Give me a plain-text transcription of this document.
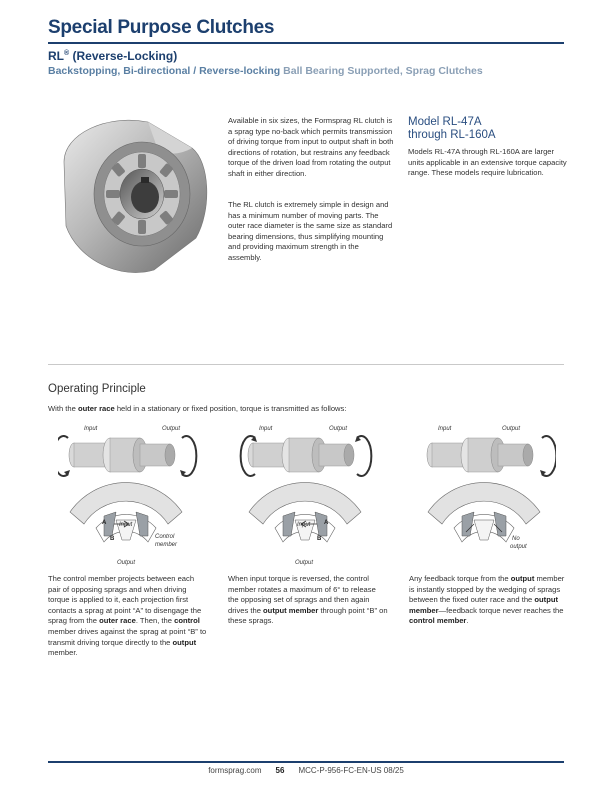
Special Purpose Clutches
RL® (Reverse-Locking)
Backstopping, Bi-directional / Reverse-locking Ball Bearing Supported, Sprag Clutches
Available in six sizes, the Formsprag RL clutch is a sprag type no-back which permits transmission of driving torque from input to output shaft in both directions of rotation, but restrains any feedback torque of the driven load from rotating the output shaft in either direction.
The RL clutch is extremely simple in design and has a minimum number of moving parts. The outer race diameter is the same size as standard bearing dimensions, thus simplifying mounting and providing maximum strength in the assembly.
Model RL-47A
through RL-160A
Models RL-47A through RL-160A are larger units applicable in an extensive torque capacity range. These models require lubrication.
Operating Principle
With the outer race held in a stationary or fixed position, torque is transmitted as follows:
Input	Output
A
B
Input
Control
member
Output
Input	Output
A
B
Input
Output
Input	Output
No
output
The control member projects between each pair of opposing sprags and when driving torque is applied to it, each projection first contacts a sprag at point “A” to disengage the sprag from the outer race. Then, the control member drives against the sprag at point “B” to transmit driving torque directly to the output member.
When input torque is reversed, the control member rotates a maximum of 6° to release the opposing set of sprags and then again drives the output member through point “B” on these sprags.
Any feedback torque from the output member is instantly stopped by the wedging of sprags between the fixed outer race and the output member—feedback torque never reaches the control member.
formsprag.com 56 MCC-P-956-FC-EN-US 08/25
